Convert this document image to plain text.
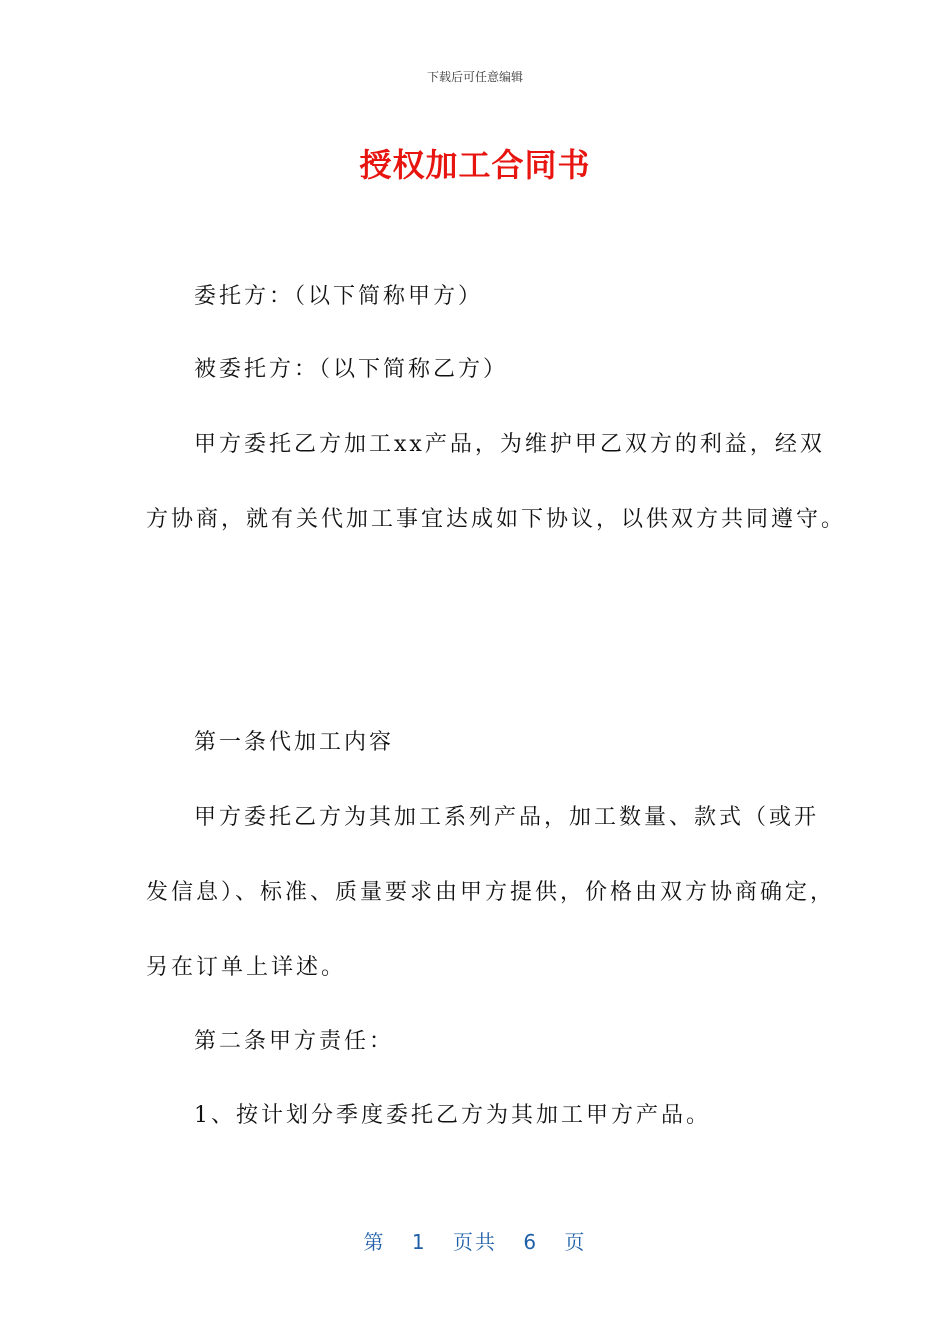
下载后可任意编辑
授权加工合同书
委托方：（以下简称甲方）
被委托方：（以下简称乙方）
甲方委托乙方加工xx产品，为维护甲乙双方的利益，经双
方协商，就有关代加工事宜达成如下协议，以供双方共同遵守。
第一条代加工内容
甲方委托乙方为其加工系列产品，加工数量、款式（或开
发信息）、标准、质量要求由甲方提供，价格由双方协商确定，
另在订单上详述。
第二条甲方责任：
1、按计划分季度委托乙方为其加工甲方产品。
第 1 页共 6 页
